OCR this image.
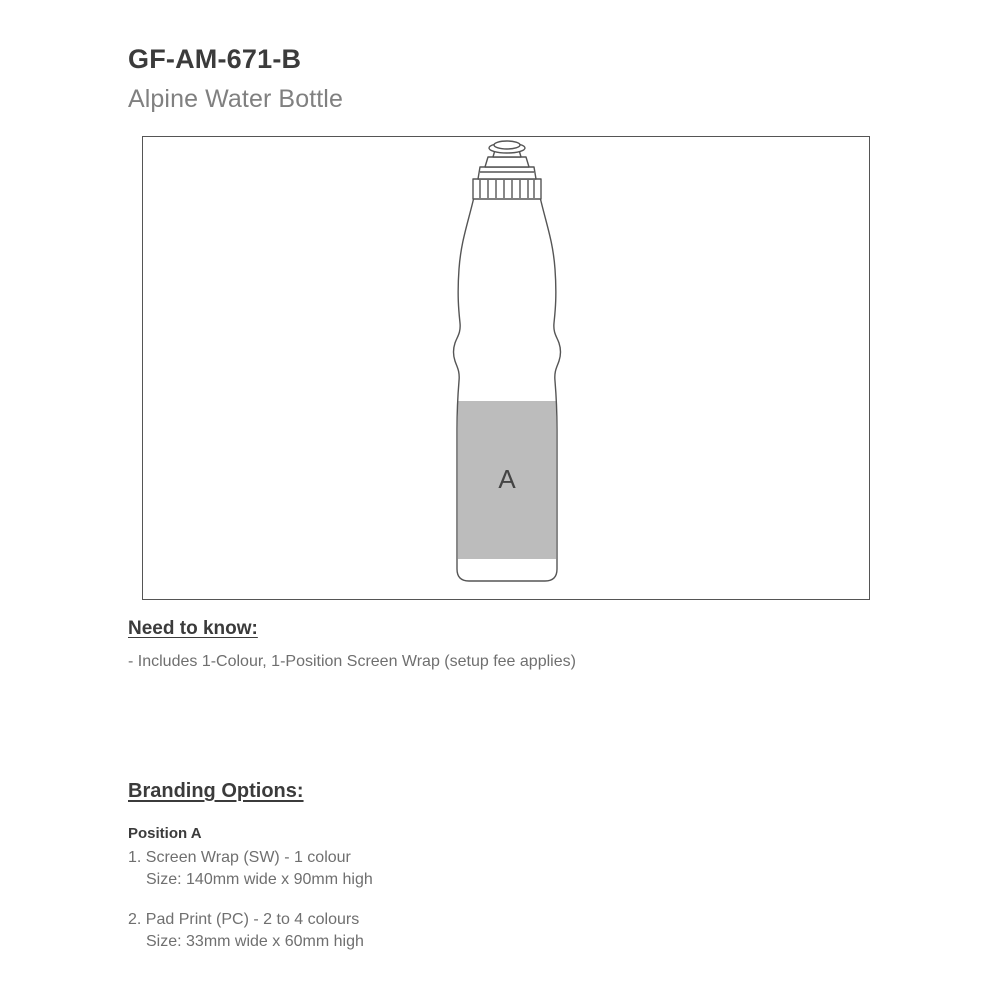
GF-AM-671-B
Alpine Water Bottle
A
Need to know:
- Includes 1-Colour, 1-Position Screen Wrap (setup fee applies)
Branding Options:
Position A
1. Screen Wrap (SW) - 1 colour
Size: 140mm wide x 90mm high
2. Pad Print (PC) - 2 to 4 colours
Size: 33mm wide x 60mm high
